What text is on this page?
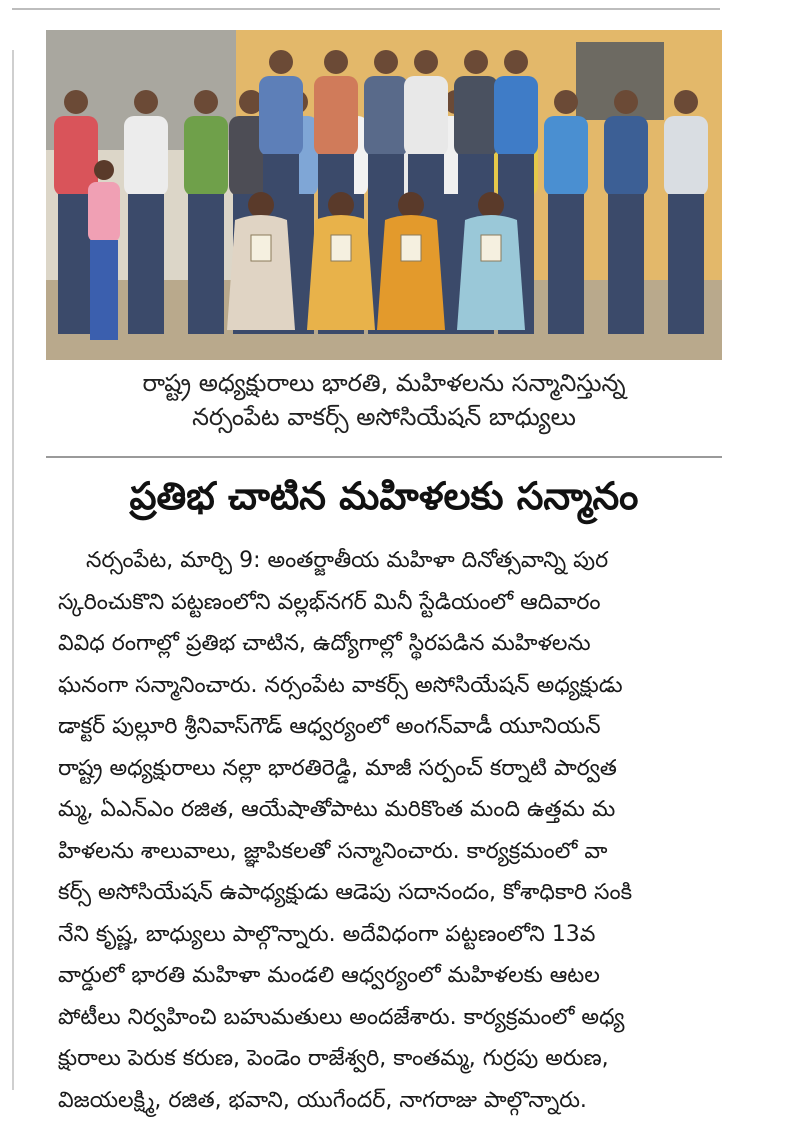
రాష్ట్ర అధ్యక్షురాలు భారతి, మహిళలను సన్మానిస్తున్న
నర్సంపేట వాకర్స్ అసోసియేషన్ బాధ్యులు
ప్రతిభ చాటిన మహిళలకు సన్మానం
నర్సంపేట, మార్చి 9: అంతర్జాతీయ మహిళా దినోత్సవాన్ని పుర
స్కరించుకొని పట్టణంలోని వల్లభ్‌నగర్ మినీ స్టేడియంలో ఆదివారం
వివిధ రంగాల్లో ప్రతిభ చాటిన, ఉద్యోగాల్లో స్థిరపడిన మహిళలను
ఘనంగా సన్మానించారు. నర్సంపేట వాకర్స్ అసోసియేషన్ అధ్యక్షుడు
డాక్టర్ పుల్లూరి శ్రీనివాస్‌గౌడ్ ఆధ్వర్యంలో అంగన్‌వాడీ యూనియన్
రాష్ట్ర అధ్యక్షురాలు నల్లా భారతిరెడ్డి, మాజీ సర్పంచ్ కర్నాటి పార్వత
మ్మ, ఏఎన్ఎం రజిత, ఆయేషాతోపాటు మరికొంత మంది ఉత్తమ మ
హిళలను శాలువాలు, జ్ఞాపికలతో సన్మానించారు. కార్యక్రమంలో వా
కర్స్ అసోసియేషన్ ఉపాధ్యక్షుడు ఆడెపు సదానందం, కోశాధికారి సంకి
నేని కృష్ణ, బాధ్యులు పాల్గొన్నారు. అదేవిధంగా పట్టణంలోని 13వ
వార్డులో భారతి మహిళా మండలి ఆధ్వర్యంలో మహిళలకు ఆటల
పోటీలు నిర్వహించి బహుమతులు అందజేశారు. కార్యక్రమంలో అధ్య
క్షురాలు పెరుక కరుణ, పెండెం రాజేశ్వరి, కాంతమ్మ, గుర్రపు అరుణ,
విజయలక్ష్మి, రజిత, భవాని, యుగేందర్, నాగరాజు పాల్గొన్నారు.
